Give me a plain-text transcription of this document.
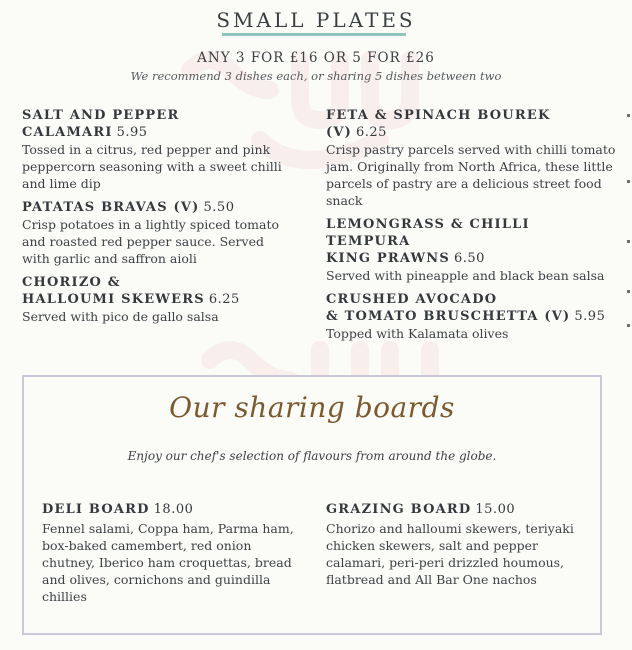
SMALL PLATES
ANY 3 FOR £16 OR 5 FOR £26
We recommend 3 dishes each, or sharing 5 dishes between two
SALT AND PEPPER
CALAMARI 5.95
Tossed in a citrus, red pepper and pink peppercorn seasoning with a sweet chilli and lime dip
PATATAS BRAVAS (V) 5.50
Crisp potatoes in a lightly spiced tomato and roasted red pepper sauce. Served with garlic and saffron aioli
CHORIZO &
HALLOUMI SKEWERS 6.25
Served with pico de gallo salsa
FETA & SPINACH BOUREK (V) 6.25
Crisp pastry parcels served with chilli tomato jam. Originally from North Africa, these little parcels of pastry are a delicious street food snack
LEMONGRASS & CHILLI TEMPURA
KING PRAWNS 6.50
Served with pineapple and black bean salsa
CRUSHED AVOCADO
& TOMATO BRUSCHETTA (V) 5.95
Topped with Kalamata olives
Our sharing boards
Enjoy our chef's selection of flavours from around the globe.
DELI BOARD 18.00
Fennel salami, Coppa ham, Parma ham, box-baked camembert, red onion chutney, Iberico ham croquettas, bread and olives, cornichons and guindilla chillies
GRAZING BOARD 15.00
Chorizo and halloumi skewers, teriyaki chicken skewers, salt and pepper calamari, peri-peri drizzled houmous, flatbread and All Bar One nachos
